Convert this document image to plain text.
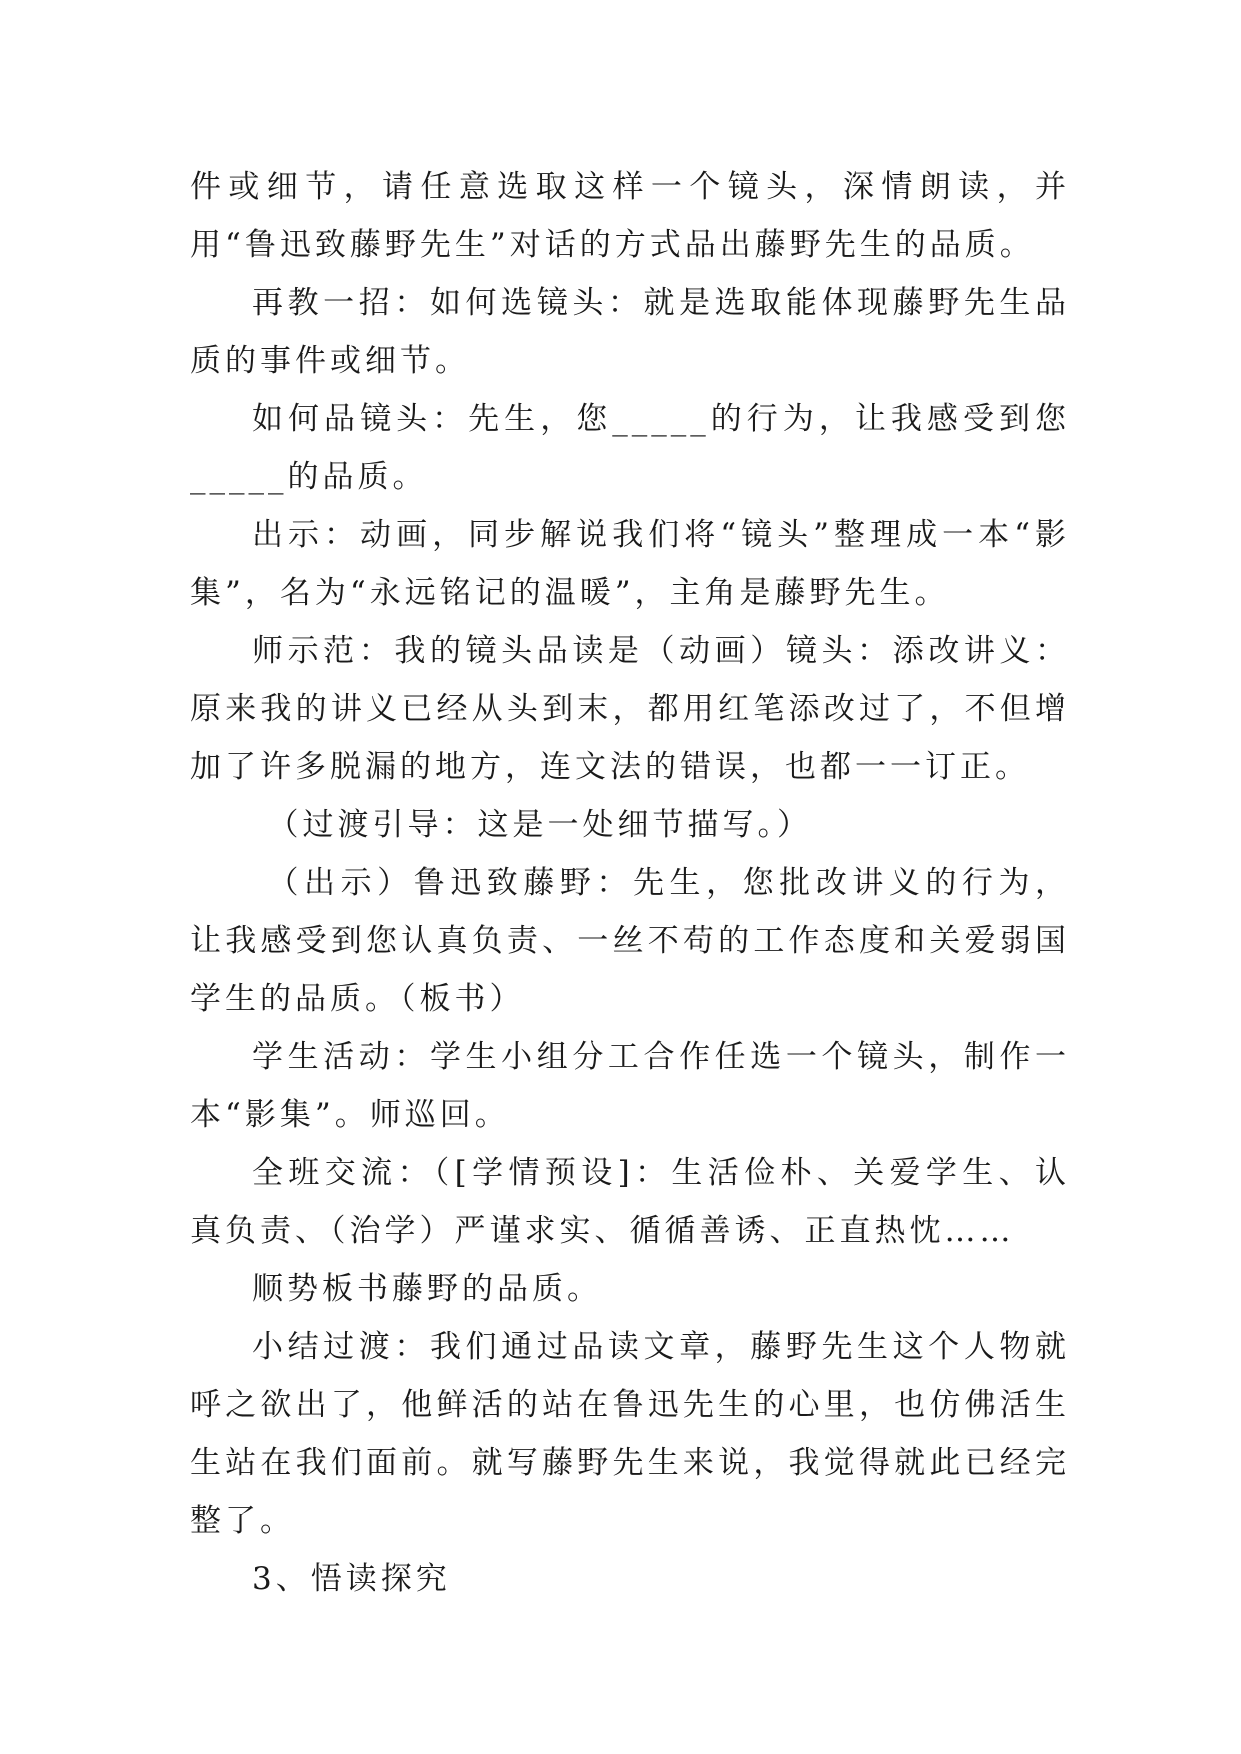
件或细节，请任意选取这样一个镜头，深情朗读，并用“鲁迅致藤野先生”对话的方式品出藤野先生的品质。

再教一招：如何选镜头：就是选取能体现藤野先生品质的事件或细节。

如何品镜头：先生，您_____的行为，让我感受到您_____的品质。

出示：动画，同步解说我们将“镜头”整理成一本“影集”，名为“永远铭记的温暖”，主角是藤野先生。

师示范：我的镜头品读是（动画）镜头：添改讲义：原来我的讲义已经从头到末，都用红笔添改过了，不但增加了许多脱漏的地方，连文法的错误，也都一一订正。

（过渡引导：这是一处细节描写。）

（出示）鲁迅致藤野：先生，您批改讲义的行为，让我感受到您认真负责、一丝不苟的工作态度和关爱弱国学生的品质。（板书）

学生活动：学生小组分工合作任选一个镜头，制作一本“影集”。师巡回。

全班交流：（[学情预设]：生活俭朴、关爱学生、认真负责、（治学）严谨求实、循循善诱、正直热忱……

顺势板书藤野的品质。

小结过渡：我们通过品读文章，藤野先生这个人物就呼之欲出了，他鲜活的站在鲁迅先生的心里，也仿佛活生生站在我们面前。就写藤野先生来说，我觉得就此已经完整了。

3、悟读探究
